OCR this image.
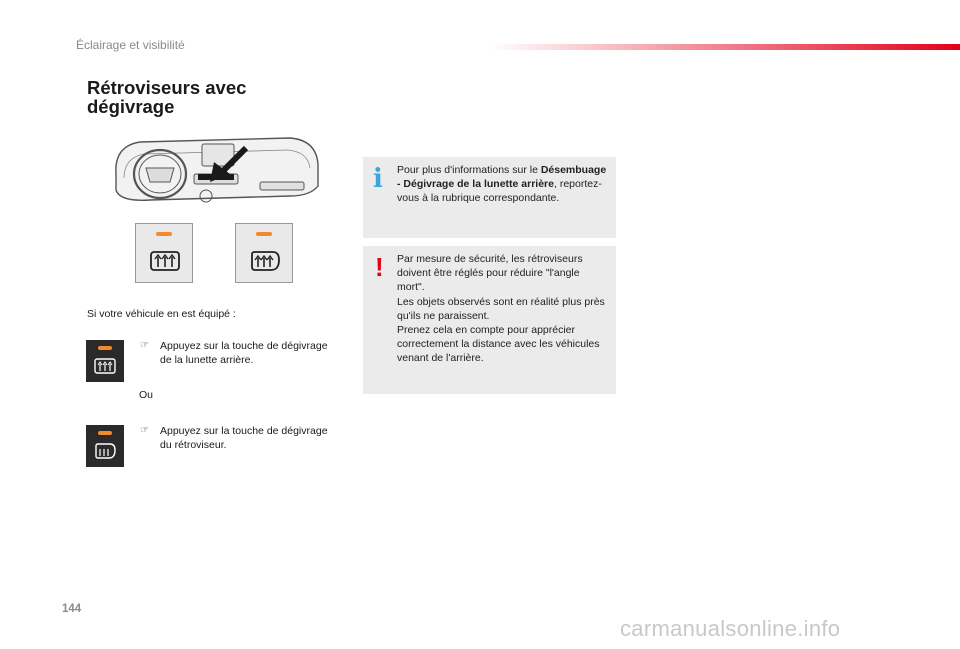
Éclairage et visibilité
Rétroviseurs avec
dégivrage
Si votre véhicule en est équipé :
☞ Appuyez sur la touche de dégivrage de la lunette arrière.
Ou
☞ Appuyez sur la touche de dégivrage du rétroviseur.
i Pour plus d'informations sur le Désembuage - Dégivrage de la lunette arrière, reportez-vous à la rubrique correspondante.
! Par mesure de sécurité, les rétroviseurs doivent être réglés pour réduire "l'angle mort".
Les objets observés sont en réalité plus près qu'ils ne paraissent.
Prenez cela en compte pour apprécier correctement la distance avec les véhicules venant de l'arrière.
144
carmanualsonline.info
